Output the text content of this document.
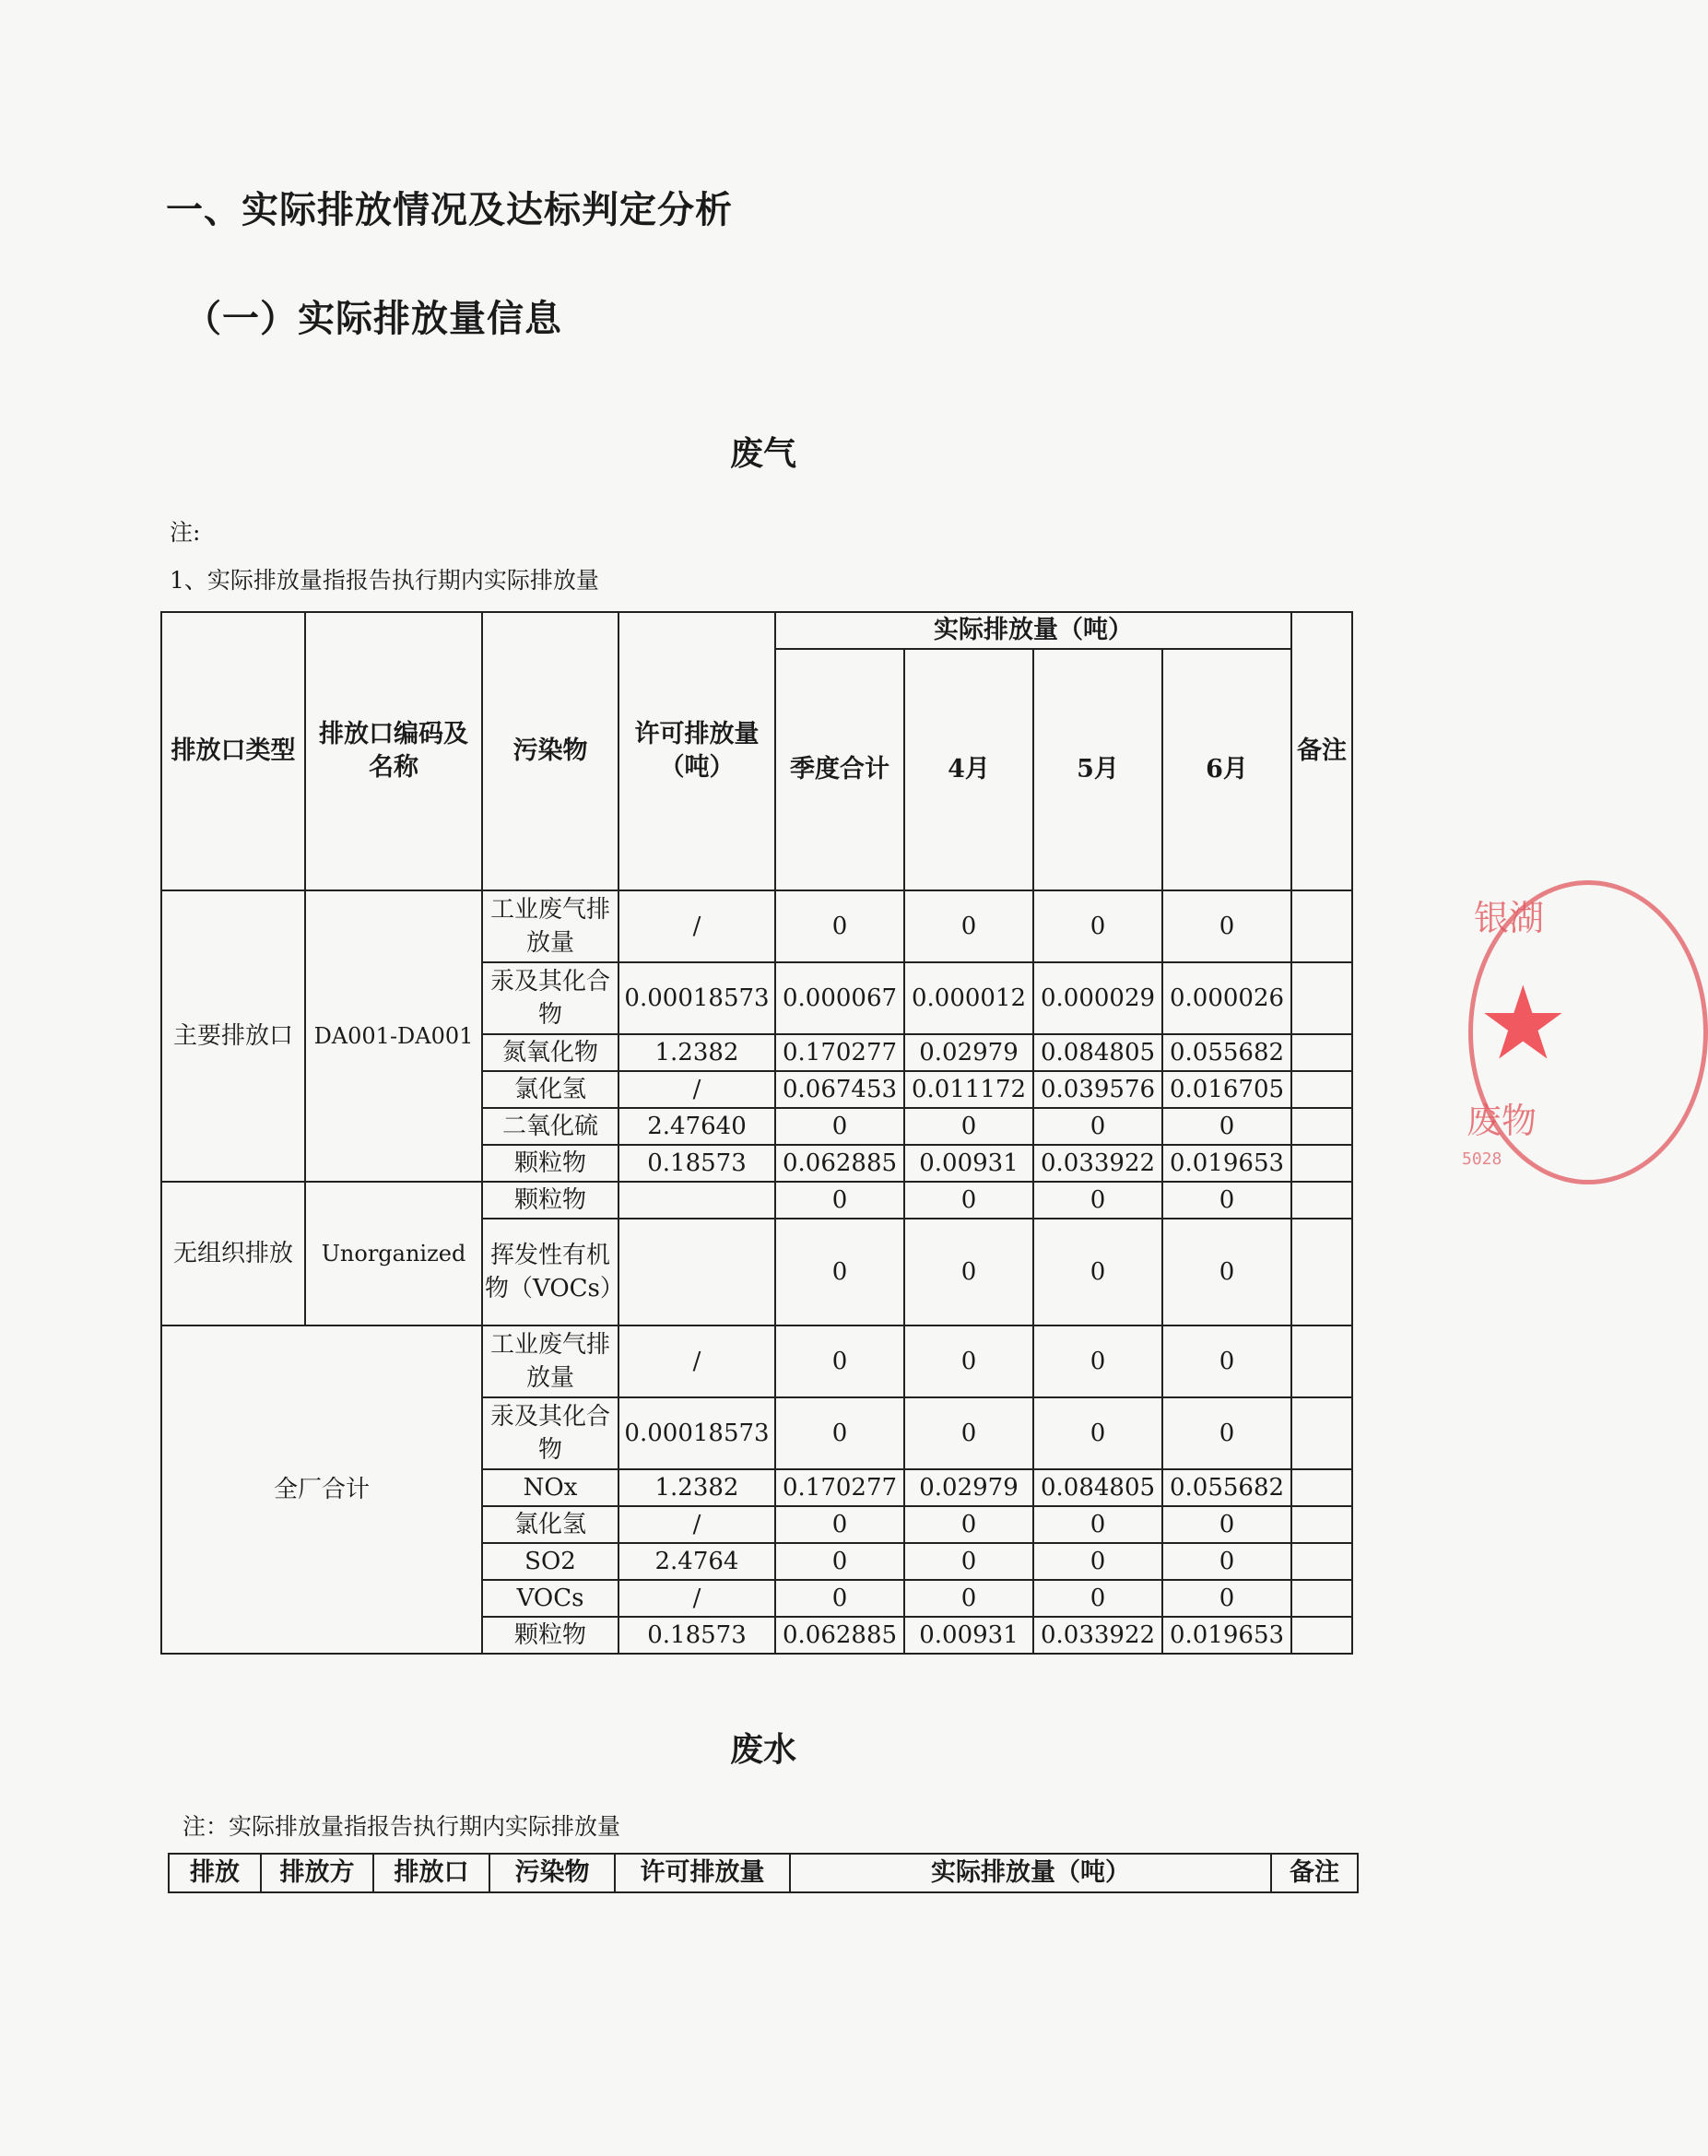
一、实际排放情况及达标判定分析
（一）实际排放量信息
废气
注:
1、实际排放量指报告执行期内实际排放量
排放口类型	排放口编码及名称	污染物	许可排放量（吨）	实际排放量（吨）				备注
				季度合计	4月	5月	6月	
主要排放口	DA001-DA001	工业废气排放量	/	0	0	0	0	
		汞及其化合物	0.00018573	0.000067	0.000012	0.000029	0.000026	
		氮氧化物	1.2382	0.170277	0.02979	0.084805	0.055682	
		氯化氢	/	0.067453	0.011172	0.039576	0.016705	
		二氧化硫	2.47640	0	0	0	0	
		颗粒物	0.18573	0.062885	0.00931	0.033922	0.019653	
无组织排放	Unorganized	颗粒物		0	0	0	0	
		挥发性有机物（VOCs）		0	0	0	0	
全厂合计		工业废气排放量	/	0	0	0	0	
		汞及其化合物	0.00018573	0	0	0	0	
		NOx	1.2382	0.170277	0.02979	0.084805	0.055682	
		氯化氢	/	0	0	0	0	
		SO2	2.4764	0	0	0	0	
		VOCs	/	0	0	0	0	
		颗粒物	0.18573	0.062885	0.00931	0.033922	0.019653	
废水
注：实际排放量指报告执行期内实际排放量
排放	排放方	排放口	污染物	许可排放量	实际排放量（吨）	备注
银湖
★
废物
5028
